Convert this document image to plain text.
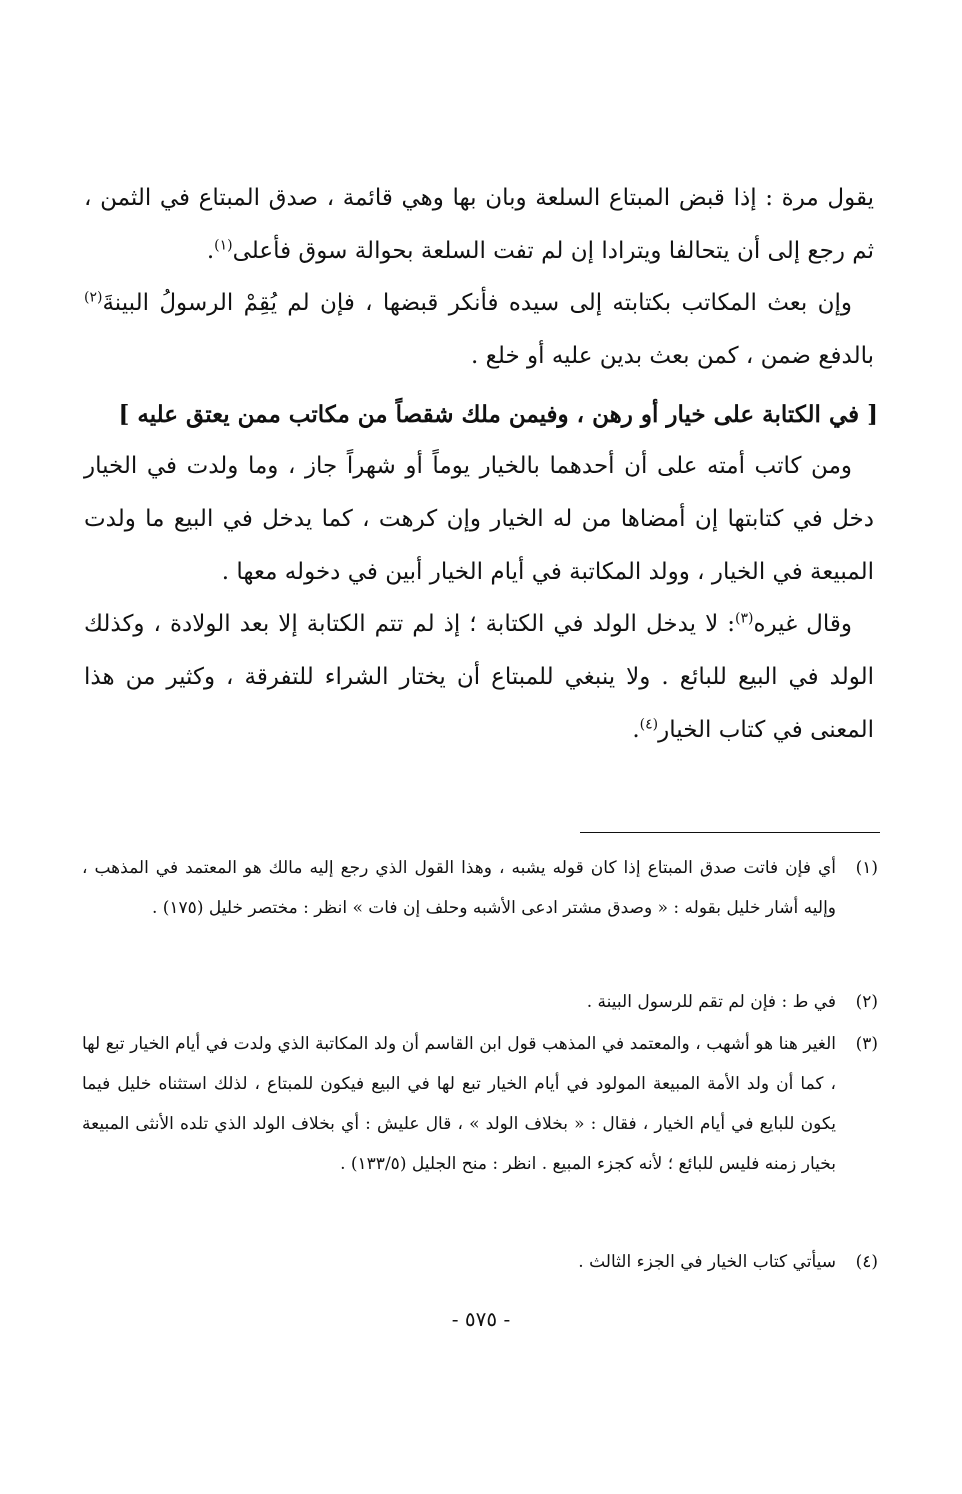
يقول مرة : إذا قبض المبتاع السلعة وبان بها وهي قائمة ، صدق المبتاع في الثمن ، ثم رجع إلى أن يتحالفا ويترادا إن لم تفت السلعة بحوالة سوق فأعلى$^{(١)}$.

وإن بعث المكاتب بكتابته إلى سيده فأنكر قبضها ، فإن لم يُقِمْ الرسولُ البينةَ$^{(٢)}$ بالدفع ضمن ، كمن بعث بدين عليه أو خلع .

[ في الكتابة على خيار أو رهن ، وفيمن ملك شقصاً من مكاتب ممن يعتق عليه ]

ومن كاتب أمته على أن أحدهما بالخيار يوماً أو شهراً جاز ، وما ولدت في الخيار دخل في كتابتها إن أمضاها من له الخيار وإن كرهت ، كما يدخل في البيع ما ولدت المبيعة في الخيار ، وولد المكاتبة في أيام الخيار أبين في دخوله معها .

وقال غيره$^{(٣)}$: لا يدخل الولد في الكتابة ؛ إذ لم تتم الكتابة إلا بعد الولادة ، وكذلك الولد في البيع للبائع . ولا ينبغي للمبتاع أن يختار الشراء للتفرقة ، وكثير من هذا المعنى في كتاب الخيار$^{(٤)}$.

(١)
أي فإن فاتت صدق المبتاع إذا كان قوله يشبه ، وهذا القول الذي رجع إليه مالك هو المعتمد في المذهب ، وإليه أشار خليل بقوله : « وصدق مشتر ادعى الأشبه وحلف إن فات » انظر : مختصر خليل (١٧٥) .
(٢)
في ط : فإن لم تقم للرسول البينة .
(٣)
الغير هنا هو أشهب ، والمعتمد في المذهب قول ابن القاسم أن ولد المكاتبة الذي ولدت في أيام الخيار تبع لها ، كما أن ولد الأمة المبيعة المولود في أيام الخيار تبع لها في البيع فيكون للمبتاع ، لذلك استثناه خليل فيما يكون للبايع في أيام الخيار ، فقال : « بخلاف الولد » ، قال عليش : أي بخلاف الولد الذي تلده الأنثى المبيعة بخيار زمنه فليس للبائع ؛ لأنه كجزء المبيع . انظر : منح الجليل (١٣٣/٥) .
(٤)
سيأتي كتاب الخيار في الجزء الثالث .

- ٥٧٥ -
